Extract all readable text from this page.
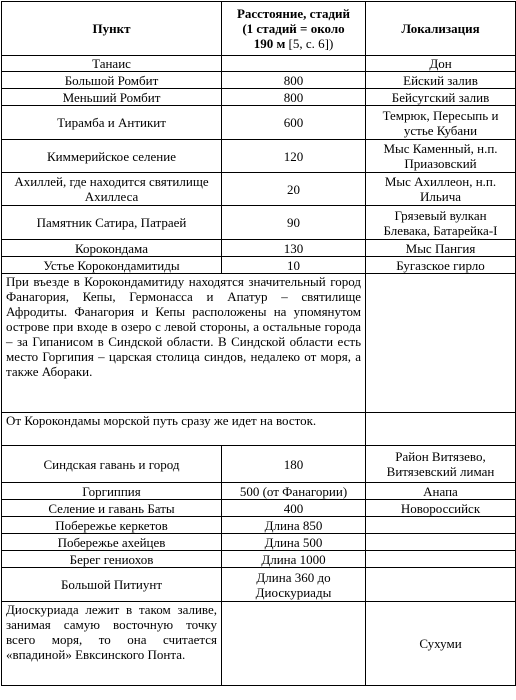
Пункт	Расстояние, стадий
(1 стадий = около
190 м [5, с. 6])	Локализация
Танаис		Дон
Большой Ромбит	800	Ейский залив
Меньший Ромбит	800	Бейсугский залив
Тирамба и Антикит	600	Темрюк, Пересыпь и устье Кубани
Киммерийское селение	120	Мыс Каменный, н.п. Приазовский
Ахиллей, где находится святилище Ахиллеса	20	Мыс Ахиллеон, н.п. Ильича
Памятник Сатира, Патраей	90	Грязевый вулкан Блевака, Батарейка-I
Корокондама	130	Мыс Пангия
Устье Корокондамитиды	10	Бугазское гирло
При въезде в Корокондамитиду находятся значительный город Фанагория, Кепы, Гермонасса и Апатур – святилище Афродиты. Фанагория и Кепы расположены на упомянутом острове при входе в озеро с левой стороны, а остальные города – за Гипанисом в Синдской области. В Синдской области есть место Горгипия – царская столица синдов, недалеко от моря, а также Абораки.		
От Корокондамы морской путь сразу же идет на восток.		
Синдская гавань и город	180	Район Витязево, Витязевский лиман
Горгиппия	500 (от Фанагории)	Анапа
Селение и гавань Баты	400	Новороссийск
Побережье керкетов	Длина 850	
Побережье ахейцев	Длина 500	
Берег гениохов	Длина 1000	
Большой Питиунт	Длина 360 до Диоскуриады	
Диоскуриада лежит в таком заливе, занимая самую восточную точку всего моря, то она считается «впадиной» Евксинского Понта.		Сухуми
